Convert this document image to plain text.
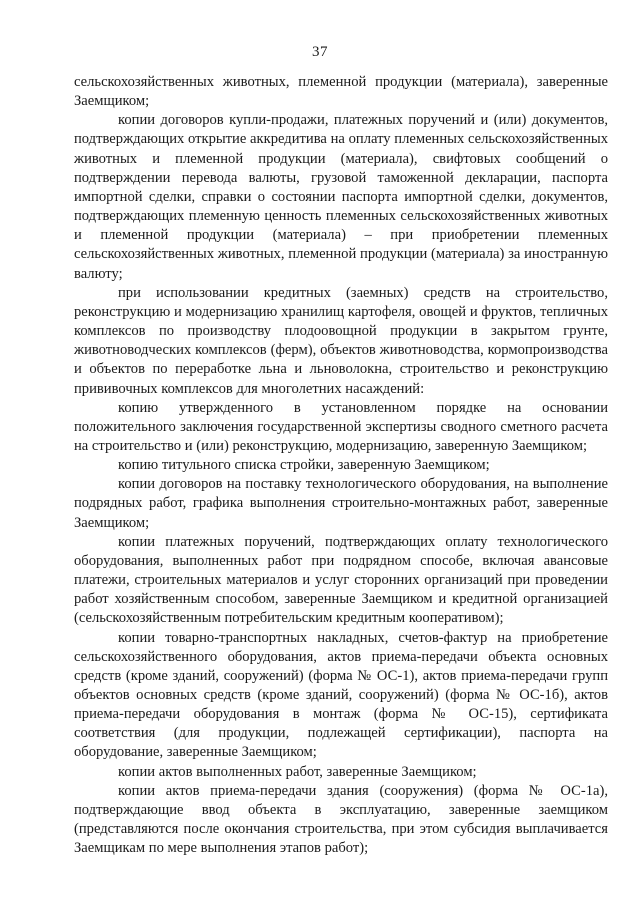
37

сельскохозяйственных животных, племенной продукции (материала), заверенные Заемщиком;

копии договоров купли-продажи, платежных поручений и (или) документов, подтверждающих открытие аккредитива на оплату племенных сельскохозяйственных животных и племенной продукции (материала), свифтовых сообщений о подтверждении перевода валюты, грузовой таможенной декларации, паспорта импортной сделки, справки о состоянии паспорта импортной сделки, документов, подтверждающих племенную ценность племенных сельскохозяйственных животных и племенной продукции (материала) – при приобретении племенных сельскохозяйственных животных, племенной продукции (материала) за иностранную валюту;

при использовании кредитных (заемных) средств на строительство, реконструкцию и модернизацию хранилищ картофеля, овощей и фруктов, тепличных комплексов по производству плодоовощной продукции в закрытом грунте, животноводческих комплексов (ферм), объектов животноводства, кормопроизводства и объектов по переработке льна и льноволокна, строительство и реконструкцию прививочных комплексов для многолетних насаждений:

копию утвержденного в установленном порядке на основании положительного заключения государственной экспертизы сводного сметного расчета на строительство и (или) реконструкцию, модернизацию, заверенную Заемщиком;

копию титульного списка стройки, заверенную Заемщиком;

копии договоров на поставку технологического оборудования, на выполнение подрядных работ, графика выполнения строительно-монтажных работ, заверенные Заемщиком;

копии платежных поручений, подтверждающих оплату технологического оборудования, выполненных работ при подрядном способе, включая авансовые платежи, строительных материалов и услуг сторонних организаций при проведении работ хозяйственным способом, заверенные Заемщиком и кредитной организацией (сельскохозяйственным потребительским кредитным кооперативом);

копии товарно-транспортных накладных, счетов-фактур на приобретение сельскохозяйственного оборудования, актов приема-передачи объекта основных средств (кроме зданий, сооружений) (форма № ОС-1), актов приема-передачи групп объектов основных средств (кроме зданий, сооружений) (форма № ОС-1б), актов приема-передачи оборудования в монтаж (форма № ОС-15), сертификата соответствия (для продукции, подлежащей сертификации), паспорта на оборудование, заверенные Заемщиком;

копии актов выполненных работ, заверенные Заемщиком;

копии актов приема-передачи здания (сооружения) (форма № ОС-1а), подтверждающие ввод объекта в эксплуатацию, заверенные заемщиком (представляются после окончания строительства, при этом субсидия выплачивается Заемщикам по мере выполнения этапов работ);
